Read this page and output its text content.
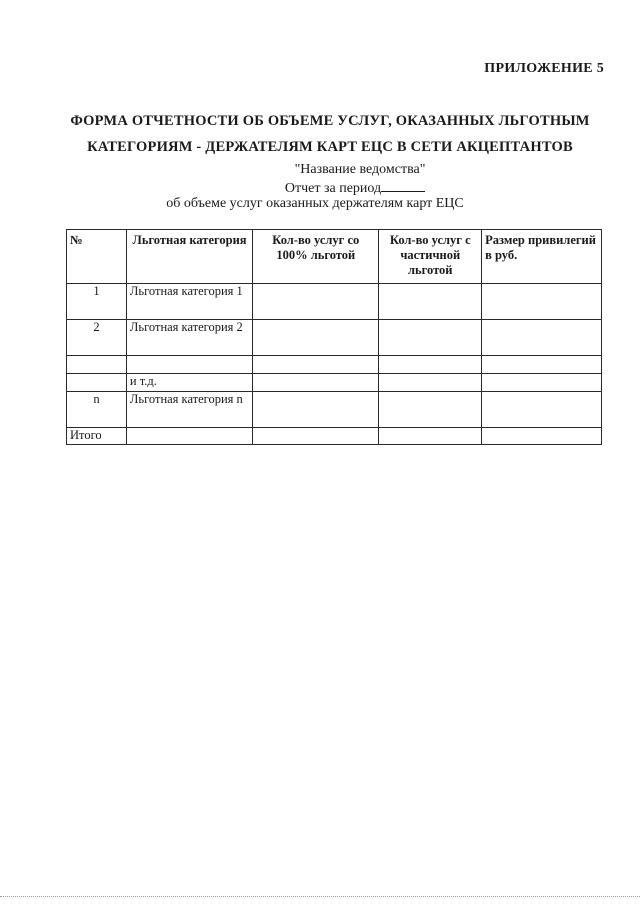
ПРИЛОЖЕНИЕ 5
ФОРМА ОТЧЕТНОСТИ ОБ ОБЪЕМЕ УСЛУГ, ОКАЗАННЫХ ЛЬГОТНЫМ
КАТЕГОРИЯМ - ДЕРЖАТЕЛЯМ КАРТ ЕЦС В СЕТИ АКЦЕПТАНТОВ
"Название ведомства"
Отчет за период
об объеме услуг оказанных держателям карт ЕЦС
№	Льготная категория	Кол-во услуг со 100% льготой	Кол-во услуг с частичной льготой	Размер привилегий в руб.
1	Льготная категория 1			
2	Льготная категория 2			

	и т.д.			
n	Льготная категория n			
Итого				
